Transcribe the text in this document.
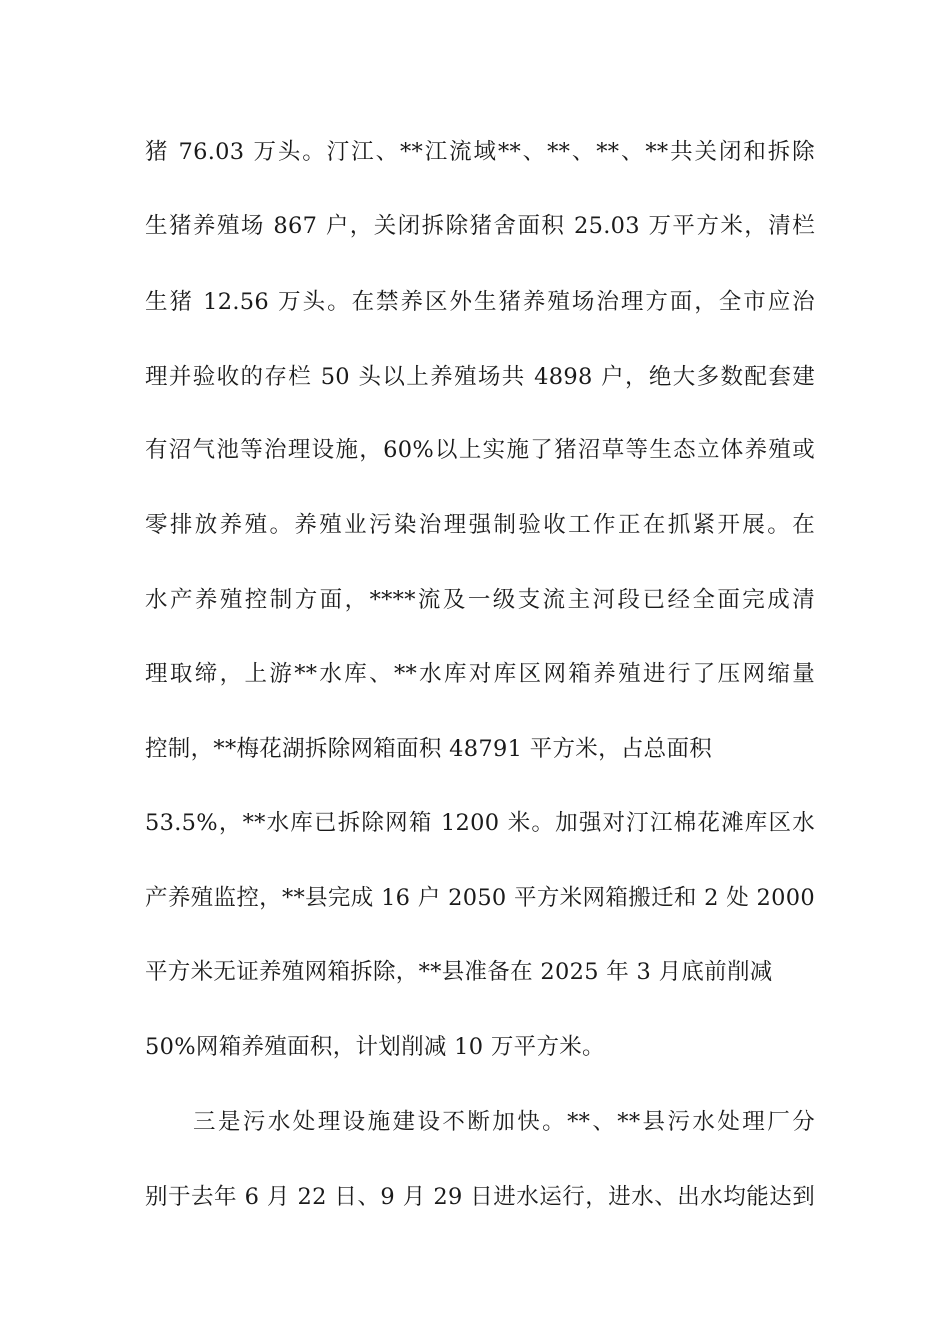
猪 76.03 万头。汀江、**江流域**、**、**、**共关闭和拆除
生猪养殖场 867 户，关闭拆除猪舍面积 25.03 万平方米，清栏
生猪 12.56 万头。在禁养区外生猪养殖场治理方面，全市应治
理并验收的存栏 50 头以上养殖场共 4898 户，绝大多数配套建
有沼气池等治理设施，60%以上实施了猪沼草等生态立体养殖或
零排放养殖。养殖业污染治理强制验收工作正在抓紧开展。在
水产养殖控制方面，****流及一级支流主河段已经全面完成清
理取缔，上游**水库、**水库对库区网箱养殖进行了压网缩量
控制，**梅花湖拆除网箱面积 48791 平方米，占总面积
53.5%，**水库已拆除网箱 1200 米。加强对汀江棉花滩库区水
产养殖监控，**县完成 16 户 2050 平方米网箱搬迁和 2 处 2000
平方米无证养殖网箱拆除，**县准备在 2025 年 3 月底前削减
50%网箱养殖面积，计划削减 10 万平方米。
三是污水处理设施建设不断加快。**、**县污水处理厂分
别于去年 6 月 22 日、9 月 29 日进水运行，进水、出水均能达到
